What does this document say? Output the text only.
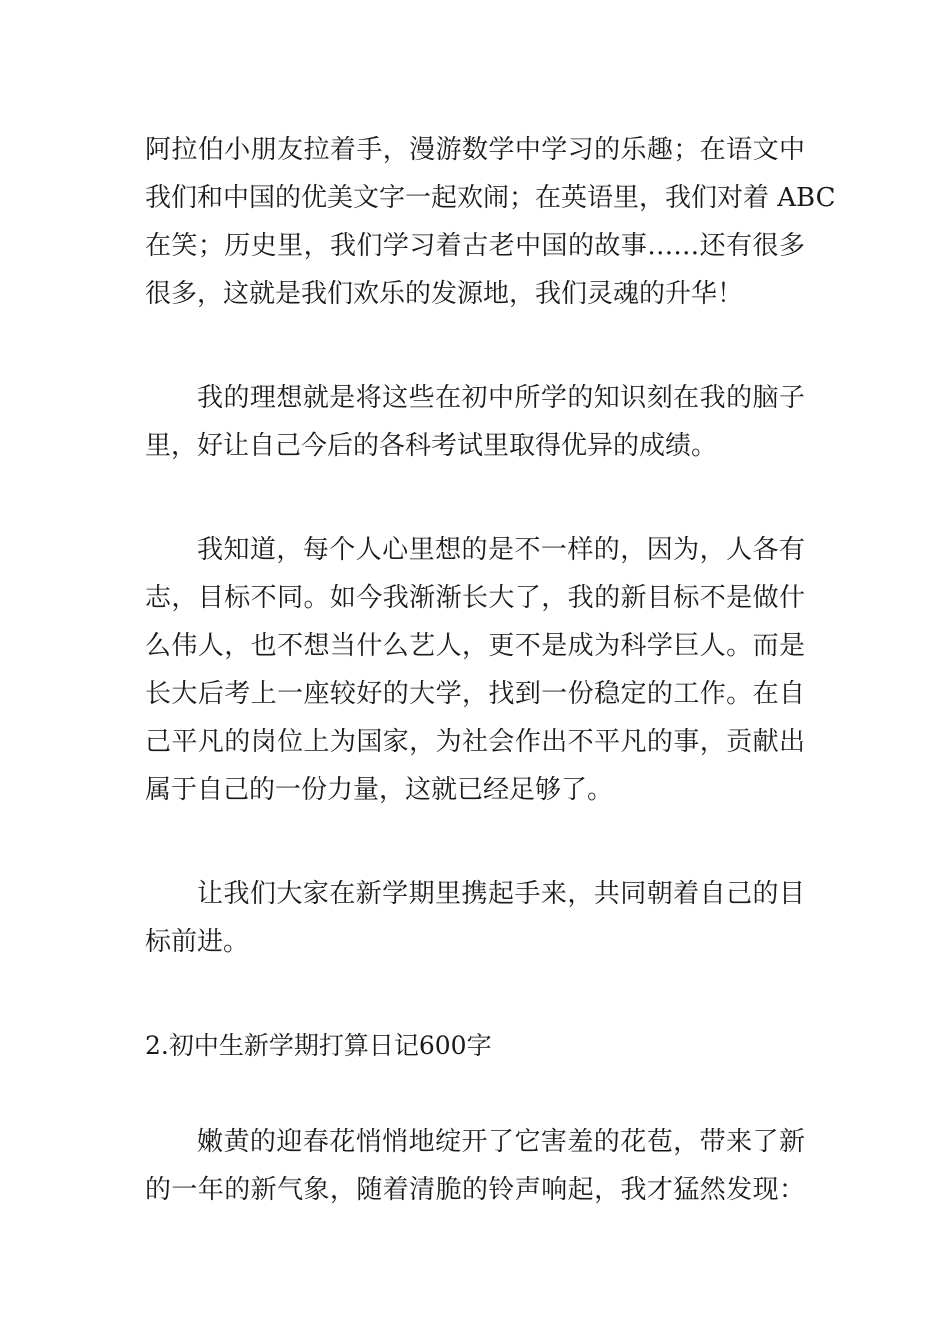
阿拉伯小朋友拉着手，漫游数学中学习的乐趣；在语文中
我们和中国的优美文字一起欢闹；在英语里，我们对着 ABC
在笑；历史里，我们学习着古老中国的故事……还有很多
很多，这就是我们欢乐的发源地，我们灵魂的升华！
我的理想就是将这些在初中所学的知识刻在我的脑子
里，好让自己今后的各科考试里取得优异的成绩。
我知道，每个人心里想的是不一样的，因为，人各有
志，目标不同。如今我渐渐长大了，我的新目标不是做什
么伟人，也不想当什么艺人，更不是成为科学巨人。而是
长大后考上一座较好的大学，找到一份稳定的工作。在自
己平凡的岗位上为国家，为社会作出不平凡的事，贡献出
属于自己的一份力量，这就已经足够了。
让我们大家在新学期里携起手来，共同朝着自己的目
标前进。
2.初中生新学期打算日记600字
嫩黄的迎春花悄悄地绽开了它害羞的花苞，带来了新
的一年的新气象，随着清脆的铃声响起，我才猛然发现：
